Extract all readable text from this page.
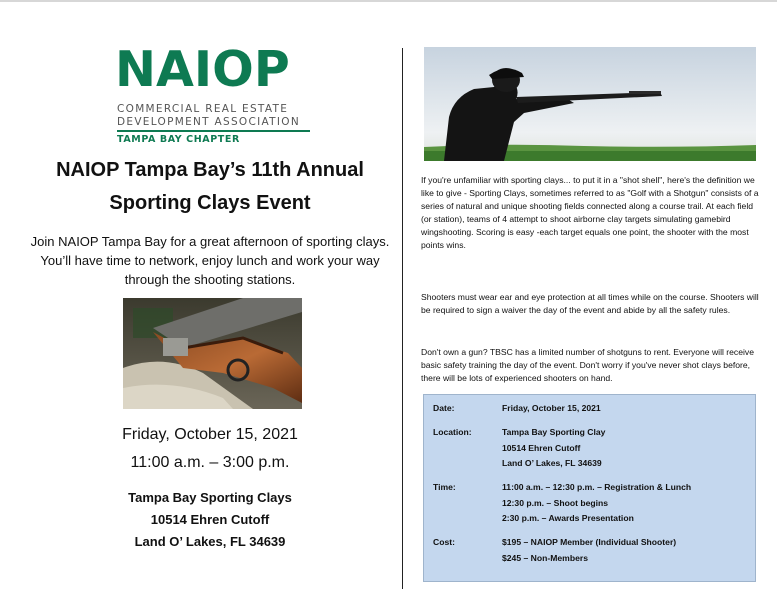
NAIOP
COMMERCIAL REAL ESTATE
DEVELOPMENT ASSOCIATION
TAMPA BAY CHAPTER
NAIOP Tampa Bay’s 11th Annual
Sporting Clays Event
Join NAIOP Tampa Bay for a great afternoon of sporting clays. You’ll have time to network, enjoy lunch and work your way through the shooting stations.
Friday, October 15, 2021
11:00 a.m. – 3:00 p.m.
Tampa Bay Sporting Clays
10514 Ehren Cutoff
Land O’ Lakes, FL 34639
If you're unfamiliar with sporting clays... to put it in a "shot shell", here's the definition we like to give - Sporting Clays, sometimes referred to as "Golf with a Shotgun" consists of a series of natural and unique shooting fields connected along a course trail. At each field (or station), teams of 4 attempt to shoot airborne clay targets simulating gamebird wingshooting. Scoring is easy -each target equals one point, the shooter with the most points wins.
Shooters must wear ear and eye protection at all times while on the course. Shooters will be required to sign a waiver the day of the event and abide by all the safety rules.
Don't own a gun? TBSC has a limited number of shotguns to rent. Everyone will receive basic safety training the day of the event. Don't worry if you've never shot clays before, there will be lots of experienced shooters on hand.
Date:	Friday, October 15, 2021
Location:	Tampa Bay Sporting Clay
10514 Ehren Cutoff
Land O’ Lakes, FL 34639
Time:	11:00 a.m. – 12:30 p.m. – Registration & Lunch
12:30 p.m. – Shoot begins
2:30 p.m. – Awards Presentation
Cost:	$195 – NAIOP Member (Individual Shooter)
$245 – Non-Members
